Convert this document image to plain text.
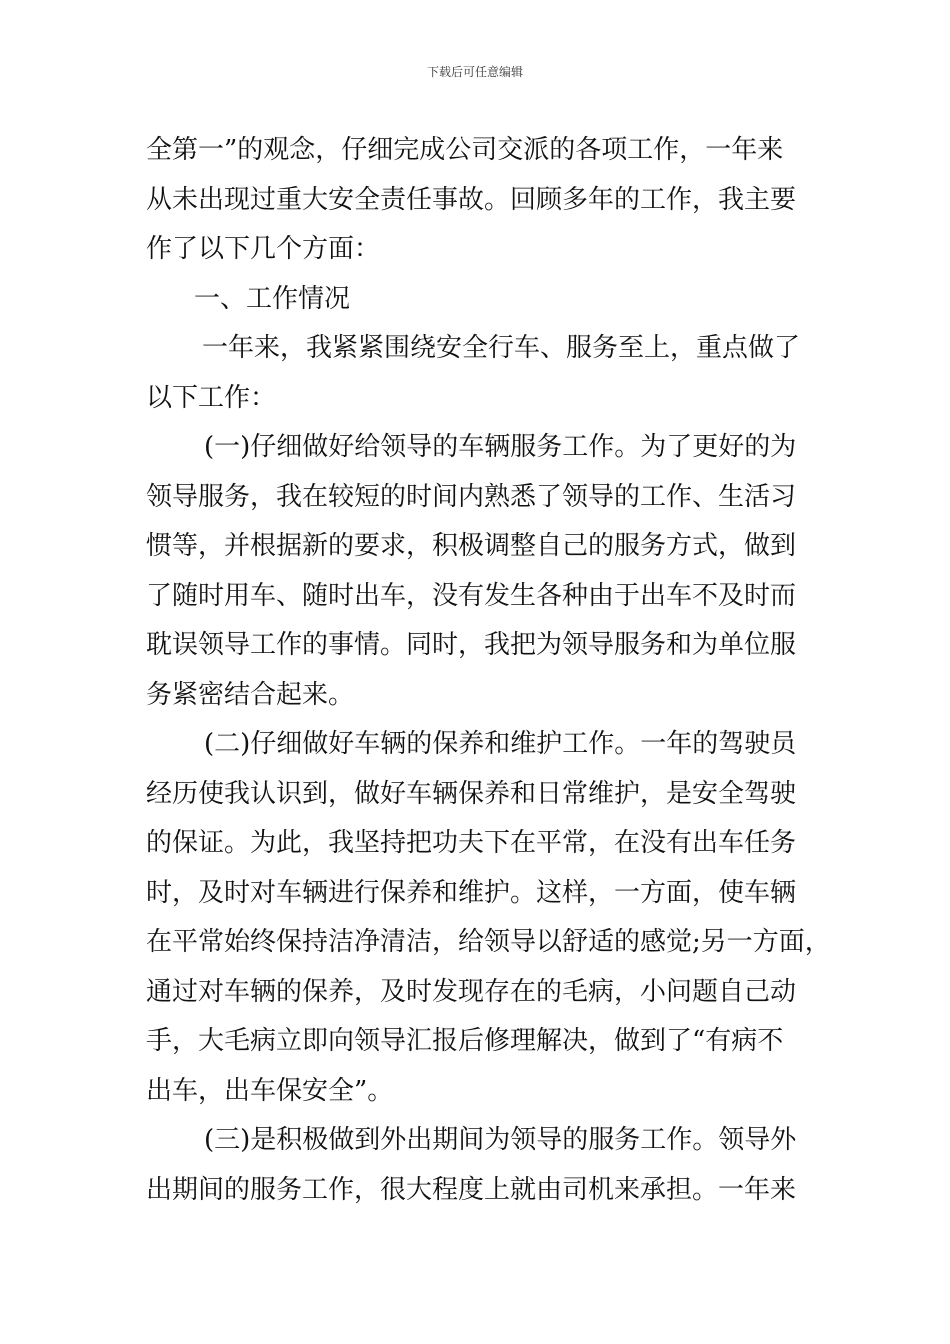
下载后可任意编辑
全第一”的观念，仔细完成公司交派的各项工作，一年来
从未出现过重大安全责任事故。回顾多年的工作，我主要
作了以下几个方面：
一、工作情况
一年来，我紧紧围绕安全行车、服务至上，重点做了
以下工作：
(一)仔细做好给领导的车辆服务工作。为了更好的为
领导服务，我在较短的时间内熟悉了领导的工作、生活习
惯等，并根据新的要求，积极调整自己的服务方式，做到
了随时用车、随时出车，没有发生各种由于出车不及时而
耽误领导工作的事情。同时，我把为领导服务和为单位服
务紧密结合起来。
(二)仔细做好车辆的保养和维护工作。一年的驾驶员
经历使我认识到，做好车辆保养和日常维护，是安全驾驶
的保证。为此，我坚持把功夫下在平常，在没有出车任务
时，及时对车辆进行保养和维护。这样，一方面，使车辆
在平常始终保持洁净清洁，给领导以舒适的感觉;另一方面，
通过对车辆的保养，及时发现存在的毛病，小问题自己动
手，大毛病立即向领导汇报后修理解决，做到了“有病不
出车，出车保安全”。
(三)是积极做到外出期间为领导的服务工作。领导外
出期间的服务工作，很大程度上就由司机来承担。一年来
